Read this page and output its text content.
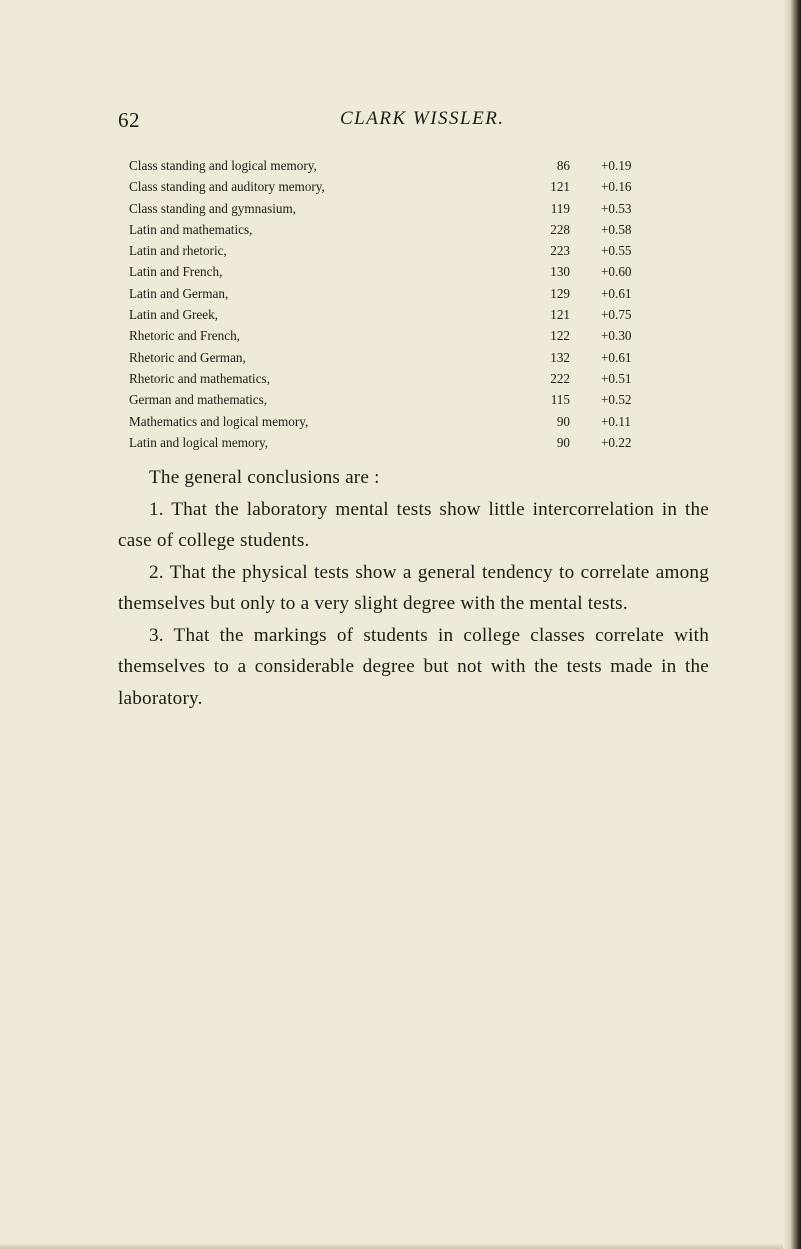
62	CLARK WISSLER.
Class standing and logical memory,	86 +0.19
Class standing and auditory memory,	121 +0.16
Class standing and gymnasium,	119 +0.53
Latin and mathematics,	228 +0.58
Latin and rhetoric,	223 +0.55
Latin and French,	130 +0.60
Latin and German,	129 +0.61
Latin and Greek,	121 +0.75
Rhetoric and French,	122 +0.30
Rhetoric and German,	132 +0.61
Rhetoric and mathematics,	222 +0.51
German and mathematics,	115 +0.52
Mathematics and logical memory,	90 +0.11
Latin and logical memory,	90 +0.22

The general conclusions are :

1. That the laboratory mental tests show little intercorrelation in the case of college students.

2. That the physical tests show a general tendency to correlate among themselves but only to a very slight degree with the mental tests.

3. That the markings of students in college classes correlate with themselves to a considerable degree but not with the tests made in the laboratory.
